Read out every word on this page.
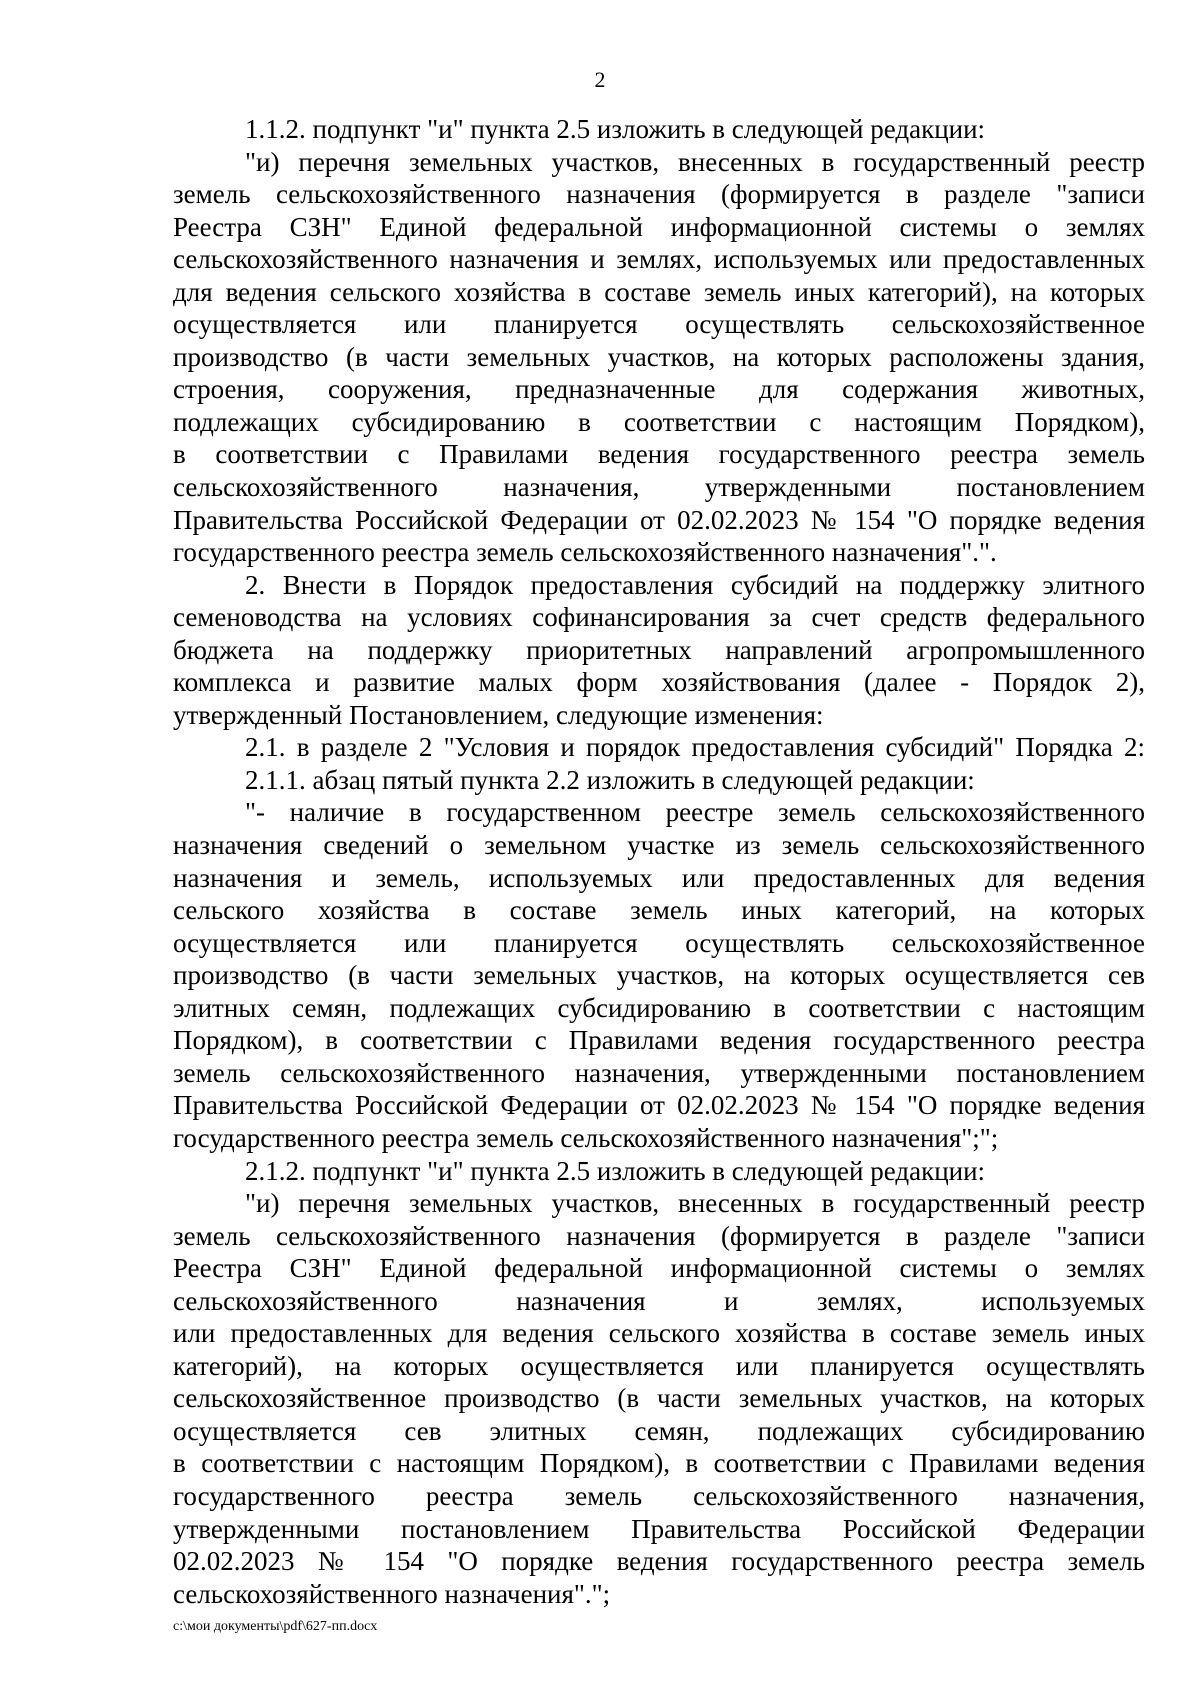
2
1.1.2. подпункт "и" пункта 2.5 изложить в следующей редакции:
"и) перечня земельных участков, внесенных в государственный реестр
земель сельскохозяйственного назначения (формируется в разделе "записи
Реестра СЗН" Единой федеральной информационной системы о землях
сельскохозяйственного назначения и землях, используемых или предоставленных
для ведения сельского хозяйства в составе земель иных категорий), на которых
осуществляется или планируется осуществлять сельскохозяйственное
производство (в части земельных участков, на которых расположены здания,
строения, сооружения, предназначенные для содержания животных,
подлежащих субсидированию в соответствии с настоящим Порядком),
в соответствии с Правилами ведения государственного реестра земель
сельскохозяйственного назначения, утвержденными постановлением
Правительства Российской Федерации от 02.02.2023 № 154 "О порядке ведения
государственного реестра земель сельскохозяйственного назначения".".
2. Внести в Порядок предоставления субсидий на поддержку элитного
семеноводства на условиях софинансирования за счет средств федерального
бюджета на поддержку приоритетных направлений агропромышленного
комплекса и развитие малых форм хозяйствования (далее - Порядок 2),
утвержденный Постановлением, следующие изменения:
2.1. в разделе 2 "Условия и порядок предоставления субсидий" Порядка 2:
2.1.1. абзац пятый пункта 2.2 изложить в следующей редакции:
"- наличие в государственном реестре земель сельскохозяйственного
назначения сведений о земельном участке из земель сельскохозяйственного
назначения и земель, используемых или предоставленных для ведения
сельского хозяйства в составе земель иных категорий, на которых
осуществляется или планируется осуществлять сельскохозяйственное
производство (в части земельных участков, на которых осуществляется сев
элитных семян, подлежащих субсидированию в соответствии с настоящим
Порядком), в соответствии с Правилами ведения государственного реестра
земель сельскохозяйственного назначения, утвержденными постановлением
Правительства Российской Федерации от 02.02.2023 № 154 "О порядке ведения
государственного реестра земель сельскохозяйственного назначения";";
2.1.2. подпункт "и" пункта 2.5 изложить в следующей редакции:
"и) перечня земельных участков, внесенных в государственный реестр
земель сельскохозяйственного назначения (формируется в разделе "записи
Реестра СЗН" Единой федеральной информационной системы о землях
сельскохозяйственного назначения и землях, используемых
или предоставленных для ведения сельского хозяйства в составе земель иных
категорий), на которых осуществляется или планируется осуществлять
сельскохозяйственное производство (в части земельных участков, на которых
осуществляется сев элитных семян, подлежащих субсидированию
в соответствии с настоящим Порядком), в соответствии с Правилами ведения
государственного реестра земель сельскохозяйственного назначения,
утвержденными постановлением Правительства Российской Федерации
02.02.2023 № 154 "О порядке ведения государственного реестра земель
сельскохозяйственного назначения".";
c:\мои документы\pdf\627-пп.docx
